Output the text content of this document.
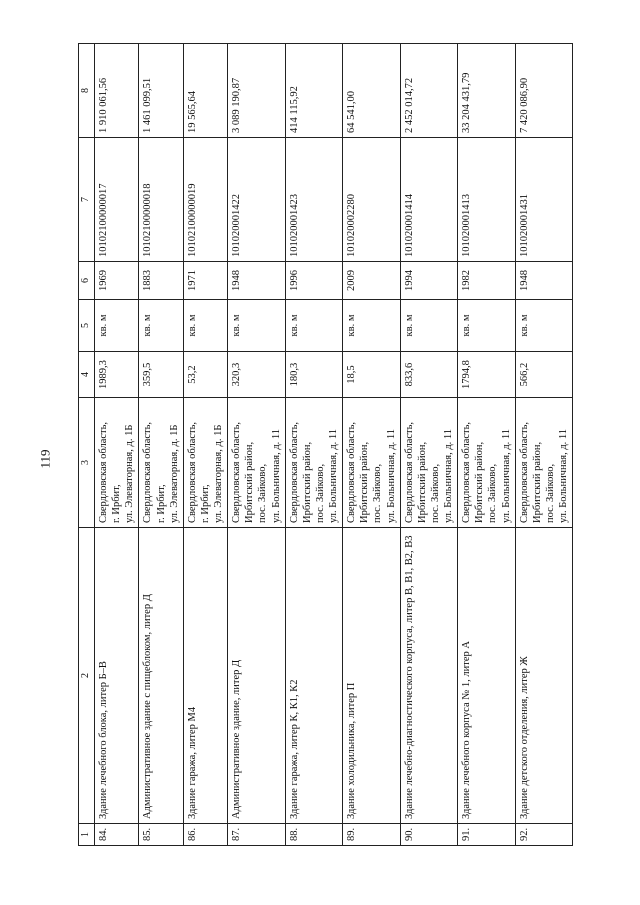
119
1	2	3	4	5	6	7	8
84.	Здание лечебного блока, литер Б–В	Свердловская область, г. Ирбит, ул. Элеваторная, д. 1Б	1989,3	кв. м	1969	10102100000017	1 910 061,56
85.	Административное здание с пищеблоком, литер Д	Свердловская область, г. Ирбит, ул. Элеваторная, д. 1Б	359,5	кв. м	1883	10102100000018	1 461 099,51
86.	Здание гаража, литер М4	Свердловская область, г. Ирбит, ул. Элеваторная, д. 1Б	53,2	кв. м	1971	10102100000019	19 565,64
87.	Административное здание, литер Д	Свердловская область, Ирбитский район, пос. Зайково, ул. Больничная, д. 11	320,3	кв. м	1948	101020001422	3 089 190,87
88.	Здание гаража, литер К, К1, К2	Свердловская область, Ирбитский район, пос. Зайково, ул. Больничная, д. 11	180,3	кв. м	1996	101020001423	414 115,92
89.	Здание холодильника, литер П	Свердловская область, Ирбитский район, пос. Зайково, ул. Больничная, д. 11	18,5	кв. м	2009	101020002280	64 541,00
90.	Здание лечебно-диагностического корпуса, литер В, В1, В2, В3	Свердловская область, Ирбитский район, пос. Зайково, ул. Больничная, д. 11	833,6	кв. м	1994	101020001414	2 452 014,72
91.	Здание лечебного корпуса № 1, литер А	Свердловская область, Ирбитский район, пос. Зайково, ул. Больничная, д. 11	1794,8	кв. м	1982	101020001413	33 204 431,79
92.	Здание детского отделения, литер Ж	Свердловская область, Ирбитский район, пос. Зайково, ул. Больничная, д. 11	566,2	кв. м	1948	101020001431	7 420 086,90
